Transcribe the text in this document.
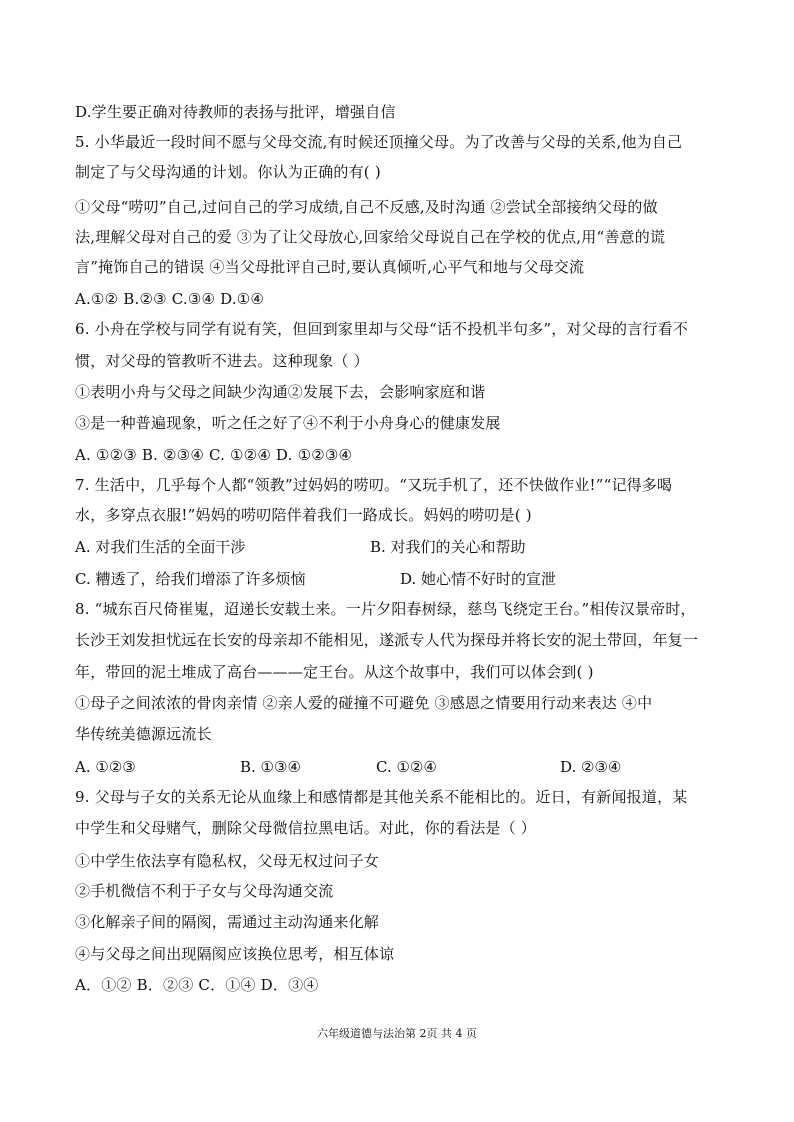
D.学生要正确对待教师的表扬与批评，增强自信
5. 小华最近一段时间不愿与父母交流,有时候还顶撞父母。为了改善与父母的关系,他为自己
制定了与父母沟通的计划。你认为正确的有( )
①父母“唠叨”自己,过问自己的学习成绩,自己不反感,及时沟通 ②尝试全部接纳父母的做
法,理解父母对自己的爱 ③为了让父母放心,回家给父母说自己在学校的优点,用“善意的谎
言”掩饰自己的错误 ④当父母批评自己时,要认真倾听,心平气和地与父母交流
A.①② B.②③ C.③④ D.①④
6. 小舟在学校与同学有说有笑，但回到家里却与父母“话不投机半句多”，对父母的言行看不
惯，对父母的管教听不进去。这种现象（ ）
①表明小舟与父母之间缺少沟通②发展下去，会影响家庭和谐
③是一种普遍现象，听之任之好了④不利于小舟身心的健康发展
A. ①②③ B. ②③④ C. ①②④ D. ①②③④
7. 生活中，几乎每个人都“领教”过妈妈的唠叨。“又玩手机了，还不快做作业!”“记得多喝
水，多穿点衣服!”妈妈的唠叨陪伴着我们一路成长。妈妈的唠叨是( )
A. 对我们生活的全面干涉	B. 对我们的关心和帮助
C. 糟透了，给我们增添了许多烦恼	D. 她心情不好时的宣泄
8. “城东百尺倚崔嵬，迢递长安载土来。一片夕阳春树绿，慈鸟飞绕定王台。”相传汉景帝时，
长沙王刘发担忧远在长安的母亲却不能相见，遂派专人代为探母并将长安的泥土带回，年复一
年，带回的泥土堆成了高台———定王台。从这个故事中，我们可以体会到( )
①母子之间浓浓的骨肉亲情 ②亲人爱的碰撞不可避免 ③感恩之情要用行动来表达 ④中
华传统美德源远流长
A. ①②③	B. ①③④	C. ①②④	D. ②③④
9. 父母与子女的关系无论从血缘上和感情都是其他关系不能相比的。近日，有新闻报道，某
中学生和父母赌气，删除父母微信拉黑电话。对此，你的看法是（ ）
①中学生依法享有隐私权，父母无权过问子女
②手机微信不利于子女与父母沟通交流
③化解亲子间的隔阂，需通过主动沟通来化解
④与父母之间出现隔阂应该换位思考，相互体谅
A．①② B．②③ C．①④ D．③④
六年级道德与法治第 2页 共 4 页
